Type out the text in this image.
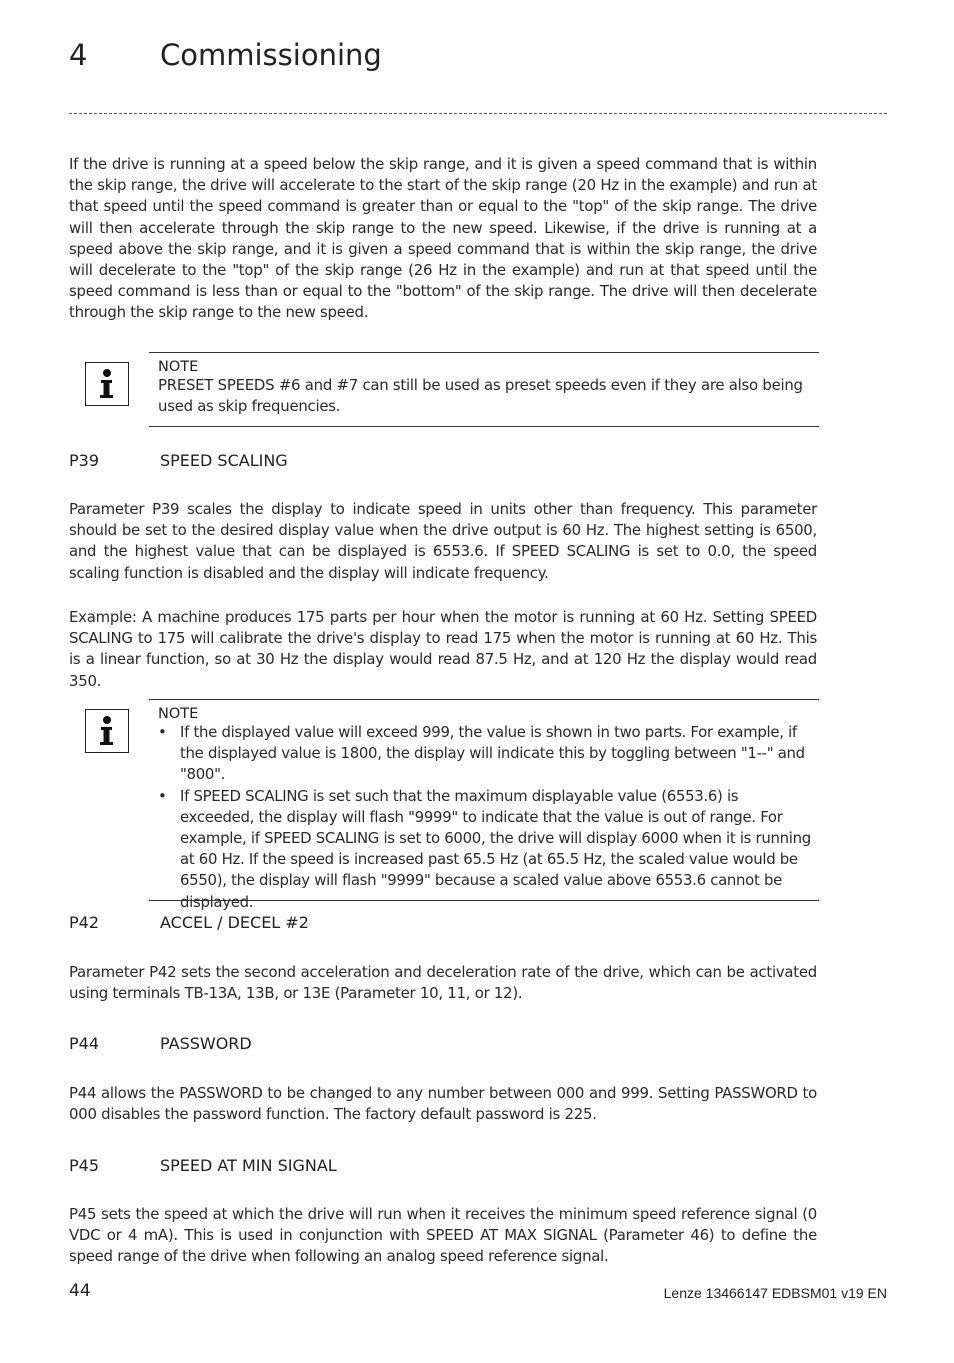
4	Commissioning

If the drive is running at a speed below the skip range, and it is given a speed command that is within the skip range, the drive will accelerate to the start of the skip range (20 Hz in the example) and run at that speed until the speed command is greater than or equal to the "top" of the skip range. The drive will then accelerate through the skip range to the new speed. Likewise, if the drive is running at a speed above the skip range, and it is given a speed command that is within the skip range, the drive will decelerate to the "top" of the skip range (26 Hz in the example) and run at that speed until the speed command is less than or equal to the "bottom" of the skip range. The drive will then decelerate through the skip range to the new speed.

NOTE

PRESET SPEEDS #6 and #7 can still be used as preset speeds even if they are also being used as skip frequencies.

P39	SPEED SCALING

Parameter P39 scales the display to indicate speed in units other than frequency. This parameter should be set to the desired display value when the drive output is 60 Hz. The highest setting is 6500, and the highest value that can be displayed is 6553.6. If SPEED SCALING is set to 0.0, the speed scaling function is disabled and the display will indicate frequency.

Example: A machine produces 175 parts per hour when the motor is running at 60 Hz. Setting SPEED SCALING to 175 will calibrate the drive's display to read 175 when the motor is running at 60 Hz. This is a linear function, so at 30 Hz the display would read 87.5 Hz, and at 120 Hz the display would read 350.

NOTE
• If the displayed value will exceed 999, the value is shown in two parts. For example, if the displayed value is 1800, the display will indicate this by toggling between "1--" and "800".
• If SPEED SCALING is set such that the maximum displayable value (6553.6) is exceeded, the display will flash "9999" to indicate that the value is out of range. For example, if SPEED SCALING is set to 6000, the drive will display 6000 when it is running at 60 Hz. If the speed is increased past 65.5 Hz (at 65.5 Hz, the scaled value would be 6550), the display will flash "9999" because a scaled value above 6553.6 cannot be displayed.
P42	ACCEL / DECEL #2

Parameter P42 sets the second acceleration and deceleration rate of the drive, which can be activated using terminals TB-13A, 13B, or 13E (Parameter 10, 11, or 12).

P44	PASSWORD

P44 allows the PASSWORD to be changed to any number between 000 and 999. Setting PASSWORD to 000 disables the password function. The factory default password is 225.

P45	SPEED AT MIN SIGNAL

P45 sets the speed at which the drive will run when it receives the minimum speed reference signal (0 VDC or 4 mA). This is used in conjunction with SPEED AT MAX SIGNAL (Parameter 46) to define the speed range of the drive when following an analog speed reference signal.

44	Lenze 13466147 EDBSM01 v19 EN
